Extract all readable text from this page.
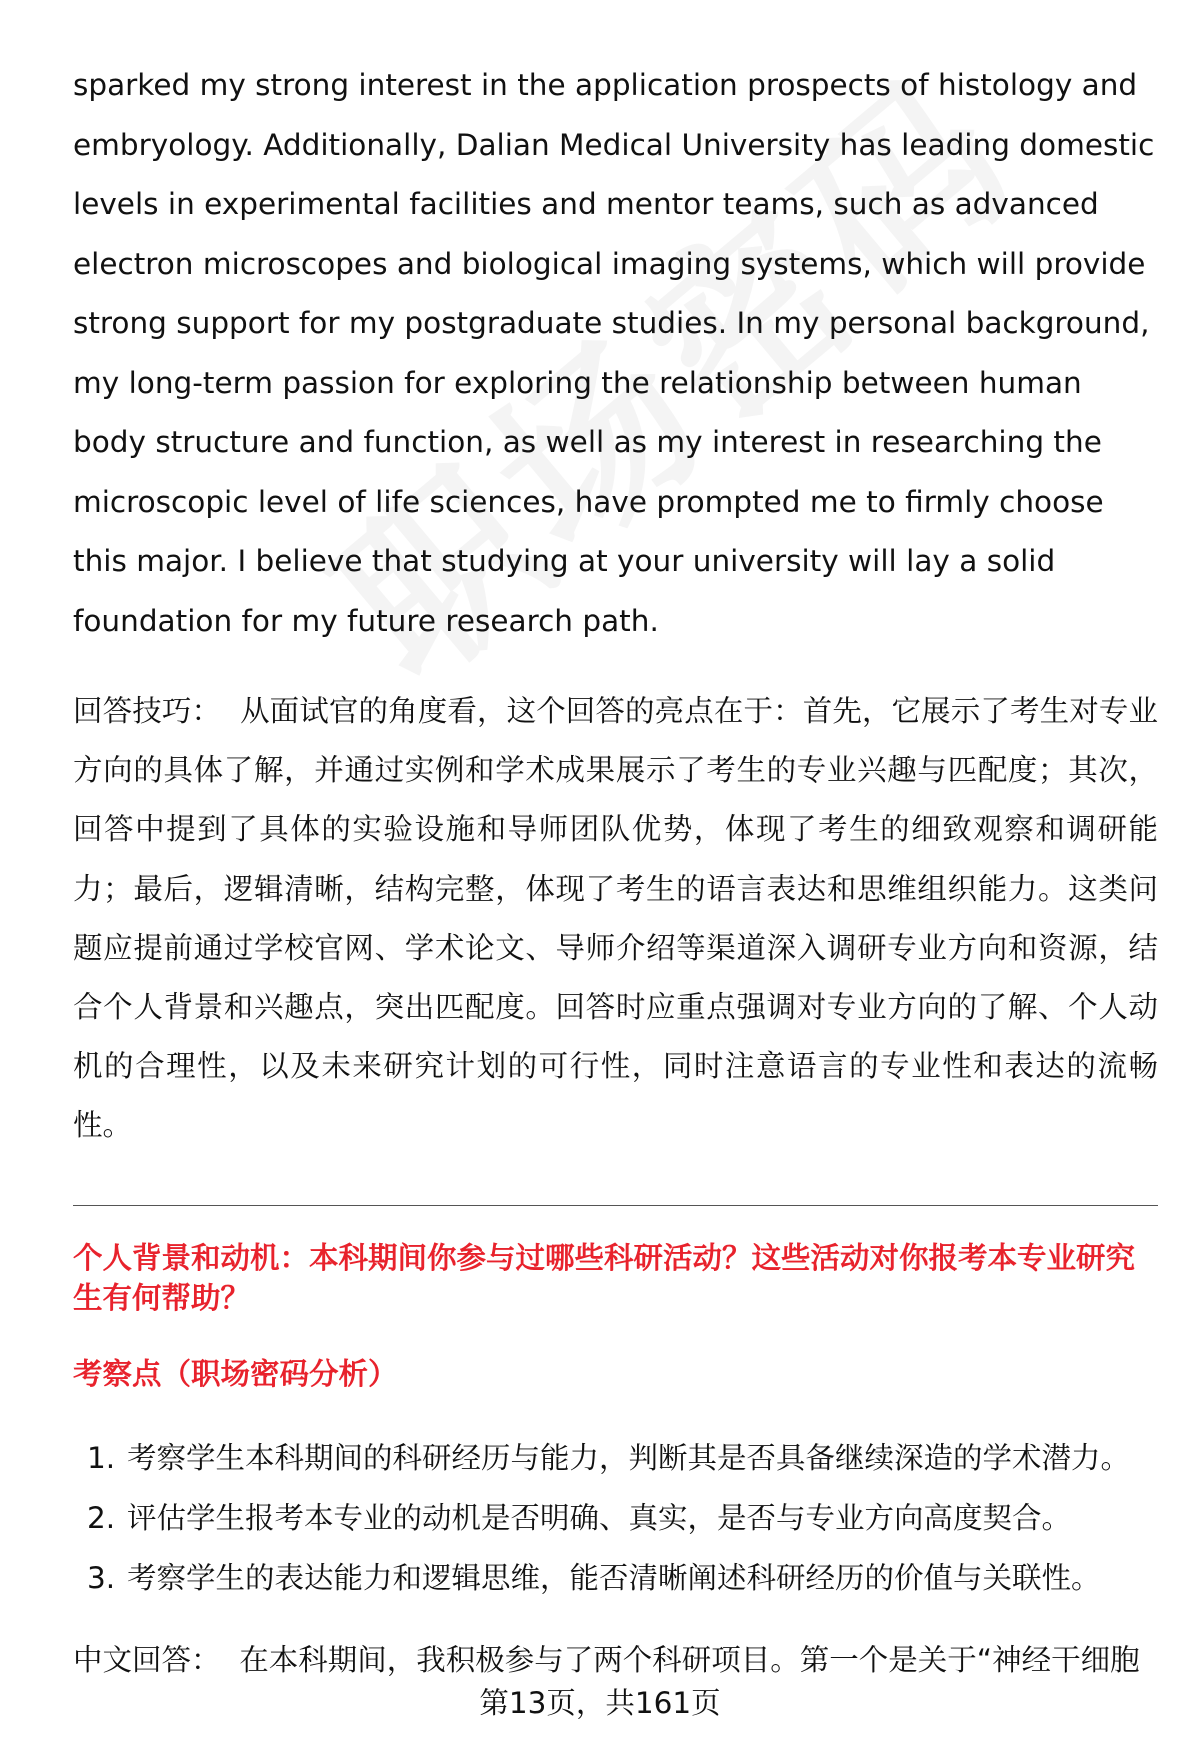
sparked my strong interest in the application prospects of histology and embryology. Additionally, Dalian Medical University has leading domestic levels in experimental facilities and mentor teams, such as advanced electron microscopes and biological imaging systems, which will provide strong support for my postgraduate studies. In my personal background, my long-term passion for exploring the relationship between human body structure and function, as well as my interest in researching the microscopic level of life sciences, have prompted me to firmly choose this major. I believe that studying at your university will lay a solid foundation for my future research path.

回答技巧： 从面试官的角度看，这个回答的亮点在于：首先，它展示了考生对专业方向的具体了解，并通过实例和学术成果展示了考生的专业兴趣与匹配度；其次，回答中提到了具体的实验设施和导师团队优势，体现了考生的细致观察和调研能力；最后，逻辑清晰，结构完整，体现了考生的语言表达和思维组织能力。这类问题应提前通过学校官网、学术论文、导师介绍等渠道深入调研专业方向和资源，结合个人背景和兴趣点，突出匹配度。回答时应重点强调对专业方向的了解、个人动机的合理性，以及未来研究计划的可行性，同时注意语言的专业性和表达的流畅性。

个人背景和动机：本科期间你参与过哪些科研活动？这些活动对你报考本专业研究生有何帮助？

考察点（职场密码分析）

1. 考察学生本科期间的科研经历与能力，判断其是否具备继续深造的学术潜力。
2. 评估学生报考本专业的动机是否明确、真实，是否与专业方向高度契合。
3. 考察学生的表达能力和逻辑思维，能否清晰阐述科研经历的价值与关联性。

中文回答： 在本科期间，我积极参与了两个科研项目。第一个是关于“神经干细胞

第13页，共161页
